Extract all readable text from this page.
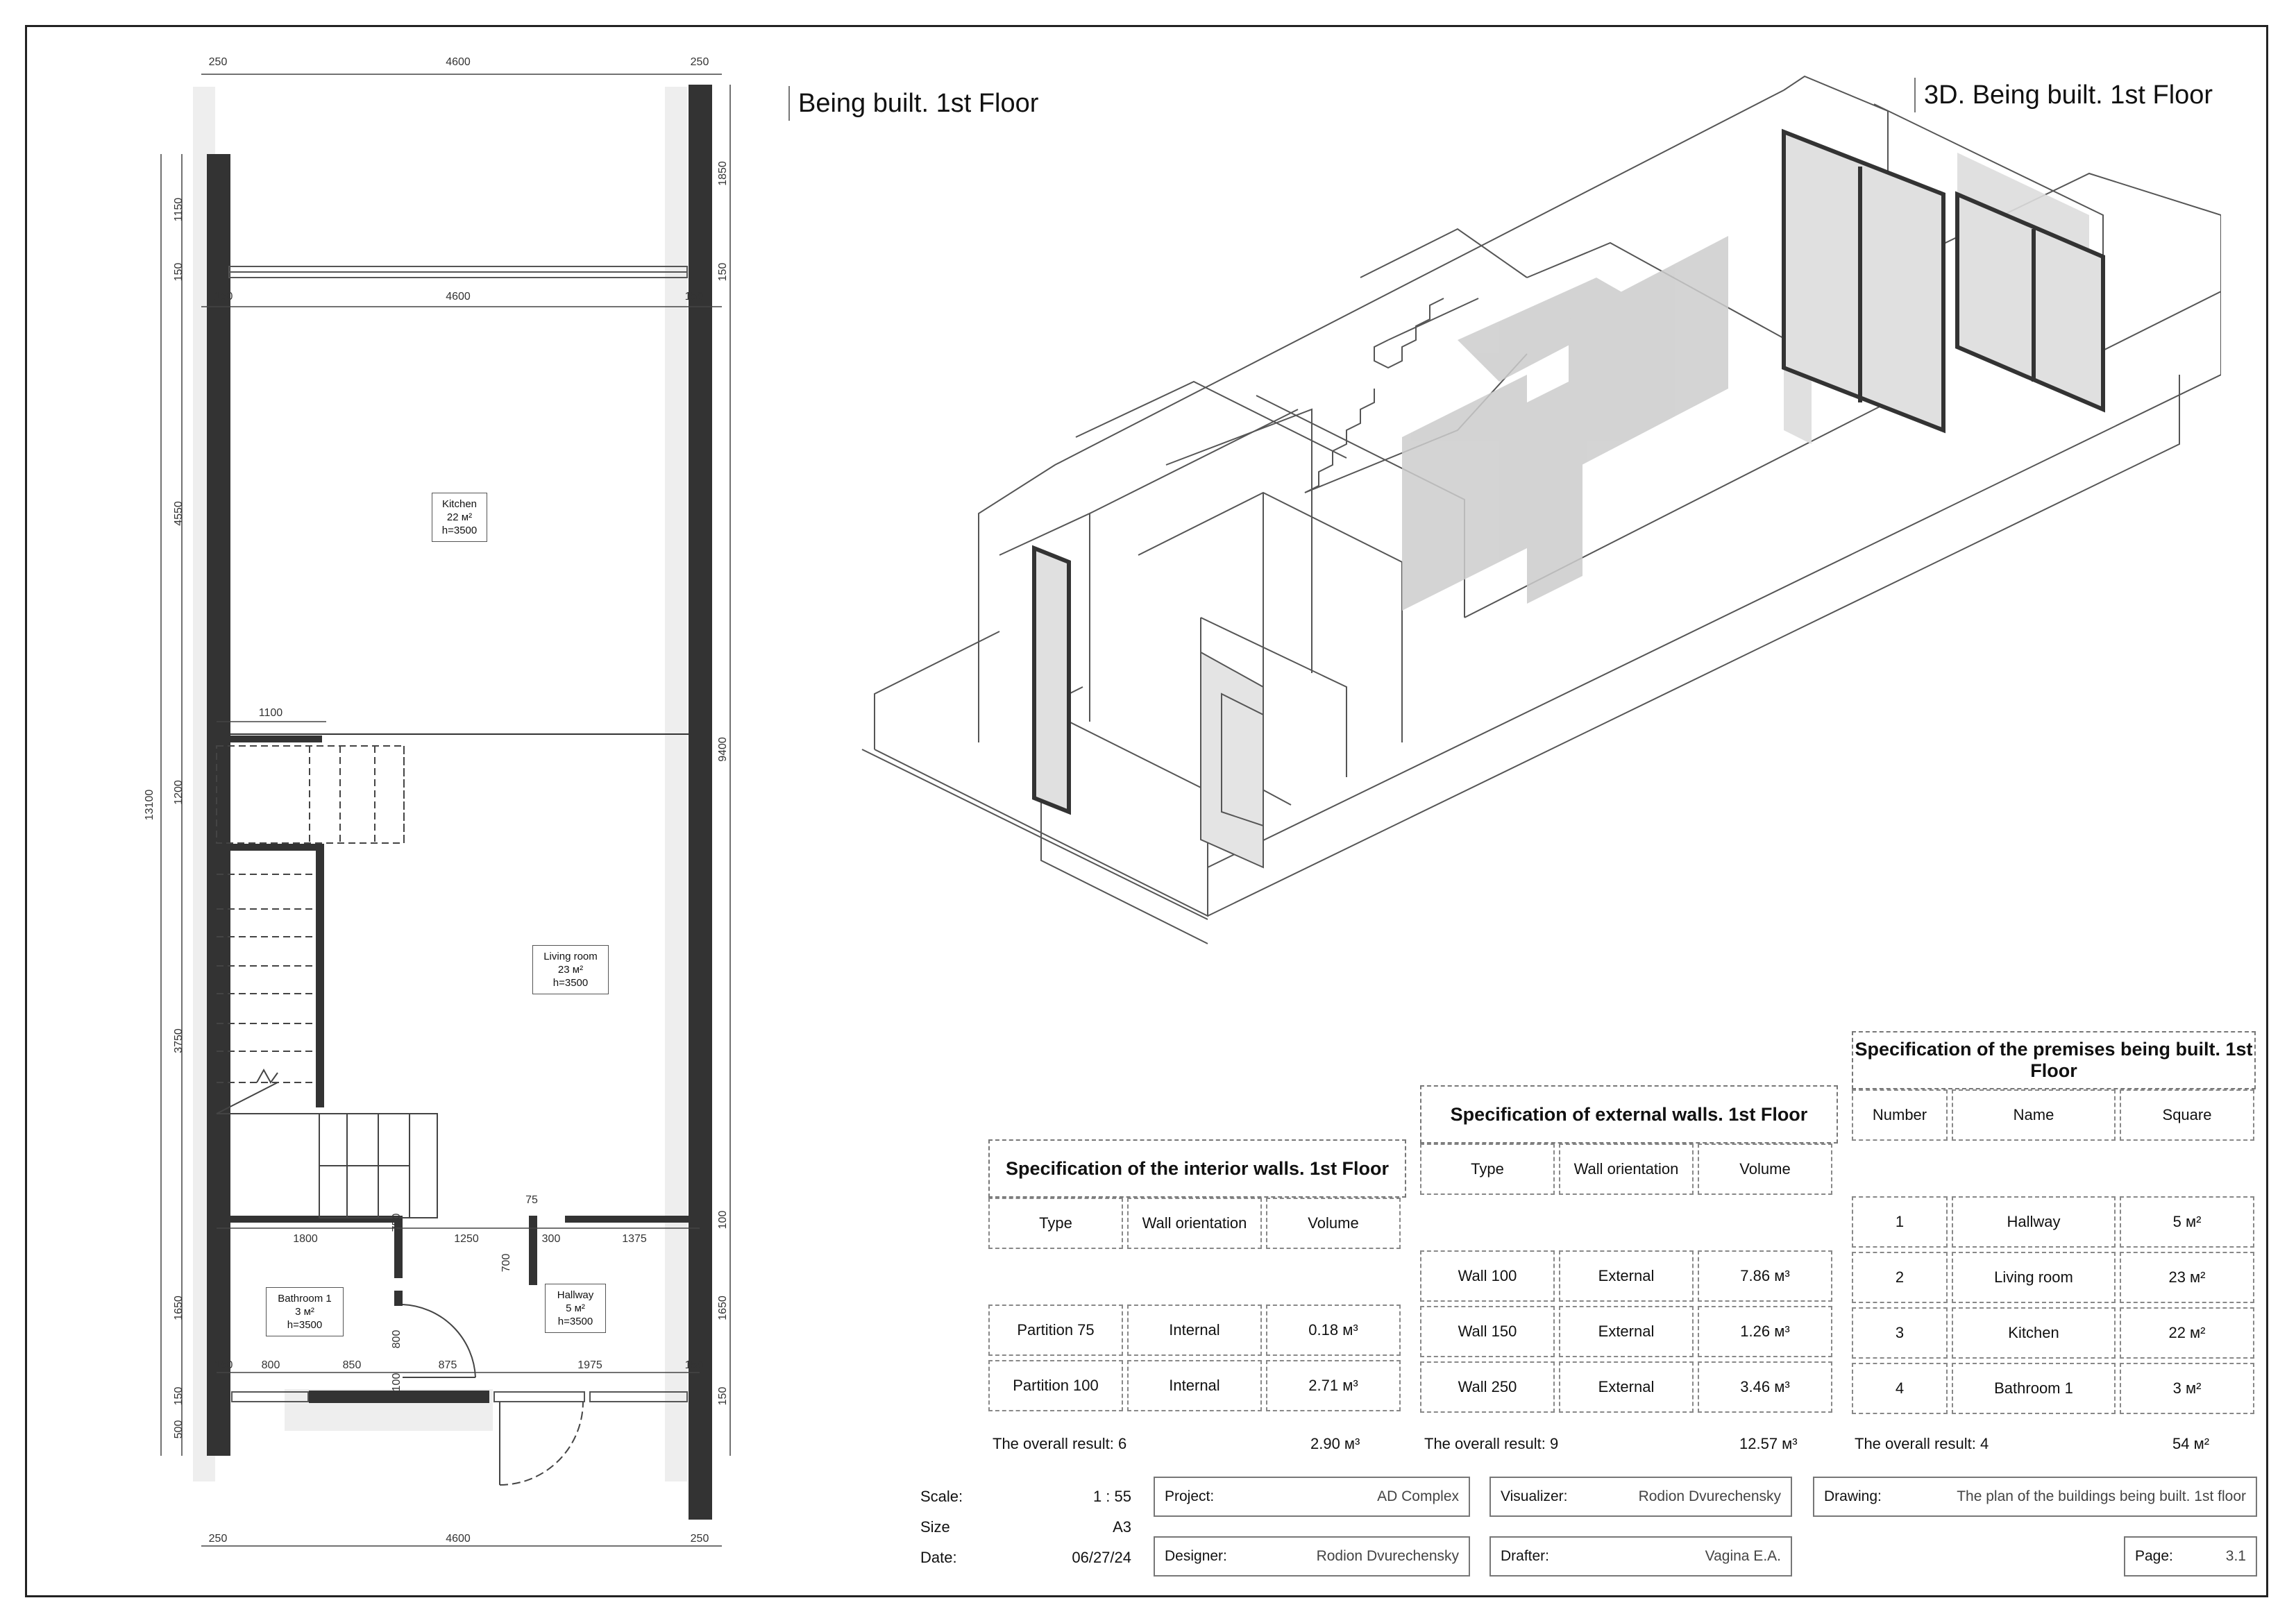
250	4600	250
150	4600	150
1150
150
4550
1200
3750
1650
150
500
13100
1850
150
9400
100
1650
150
1100
1800	1250
75
300	1375
750
700
800
100
150	800	850	875	1975	150
250	4600	250
Kitchen
22 м²
h=3500
Living room
23 м²
h=3500
Bathroom 1
3 м²
h=3500
Hallway
5 м²
h=3500
Being built. 1st Floor	3D. Being built. 1st Floor
Specification of the interior walls. 1st Floor
Type	Wall orientation	Volume

Partition 75	Internal	0.18 м³
Partition 100	Internal	2.71 м³
The overall result: 6	2.90 м³
Specification of external walls. 1st Floor
Type	Wall orientation	Volume

Wall 100	External	7.86 м³
Wall 150	External	1.26 м³
Wall 250	External	3.46 м³
The overall result: 9	12.57 м³
Specification of the premises being built. 1st Floor
Number	Name	Square

1	Hallway	5 м²
2	Living room	23 м²
3	Kitchen	22 м²
4	Bathroom 1	3 м²
The overall result: 4	54 м²
Scale:	1 : 55
Size	A3
Date:	06/27/24
Project:	AD Complex	Visualizer:	Rodion Dvurechensky	Drawing:	The plan of the buildings being built. 1st floor
Designer:	Rodion Dvurechensky	Drafter:	Vagina E.A.	Page:	3.1
